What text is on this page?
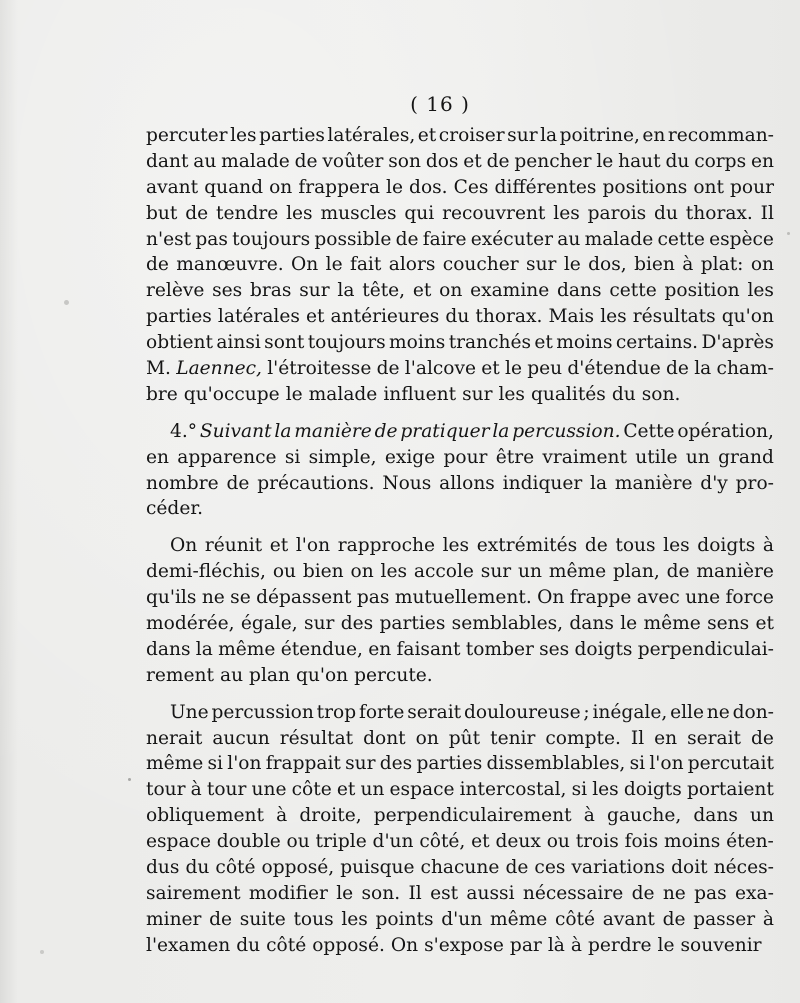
( 16 )
percuter les parties latérales, et croiser sur la poitrine, en recomman-
dant au malade de voûter son dos et de pencher le haut du corps en
avant quand on frappera le dos. Ces différentes positions ont pour
but de tendre les muscles qui recouvrent les parois du thorax. Il
n'est pas toujours possible de faire exécuter au malade cette espèce
de manœuvre. On le fait alors coucher sur le dos, bien à plat: on
relève ses bras sur la tête, et on examine dans cette position les
parties latérales et antérieures du thorax. Mais les résultats qu'on
obtient ainsi sont toujours moins tranchés et moins certains. D'après
M. Laennec, l'étroitesse de l'alcove et le peu d'étendue de la cham-
bre qu'occupe le malade influent sur les qualités du son.
4.° Suivant la manière de pratiquer la percussion. Cette opération,
en apparence si simple, exige pour être vraiment utile un grand
nombre de précautions. Nous allons indiquer la manière d'y pro-
céder.
On réunit et l'on rapproche les extrémités de tous les doigts à
demi-fléchis, ou bien on les accole sur un même plan, de manière
qu'ils ne se dépassent pas mutuellement. On frappe avec une force
modérée, égale, sur des parties semblables, dans le même sens et
dans la même étendue, en faisant tomber ses doigts perpendiculai-
rement au plan qu'on percute.
Une percussion trop forte serait douloureuse ; inégale, elle ne don-
nerait aucun résultat dont on pût tenir compte. Il en serait de
même si l'on frappait sur des parties dissemblables, si l'on percutait
tour à tour une côte et un espace intercostal, si les doigts portaient
obliquement à droite, perpendiculairement à gauche, dans un
espace double ou triple d'un côté, et deux ou trois fois moins éten-
dus du côté opposé, puisque chacune de ces variations doit néces-
sairement modifier le son. Il est aussi nécessaire de ne pas exa-
miner de suite tous les points d'un même côté avant de passer à
l'examen du côté opposé. On s'expose par là à perdre le souvenir
